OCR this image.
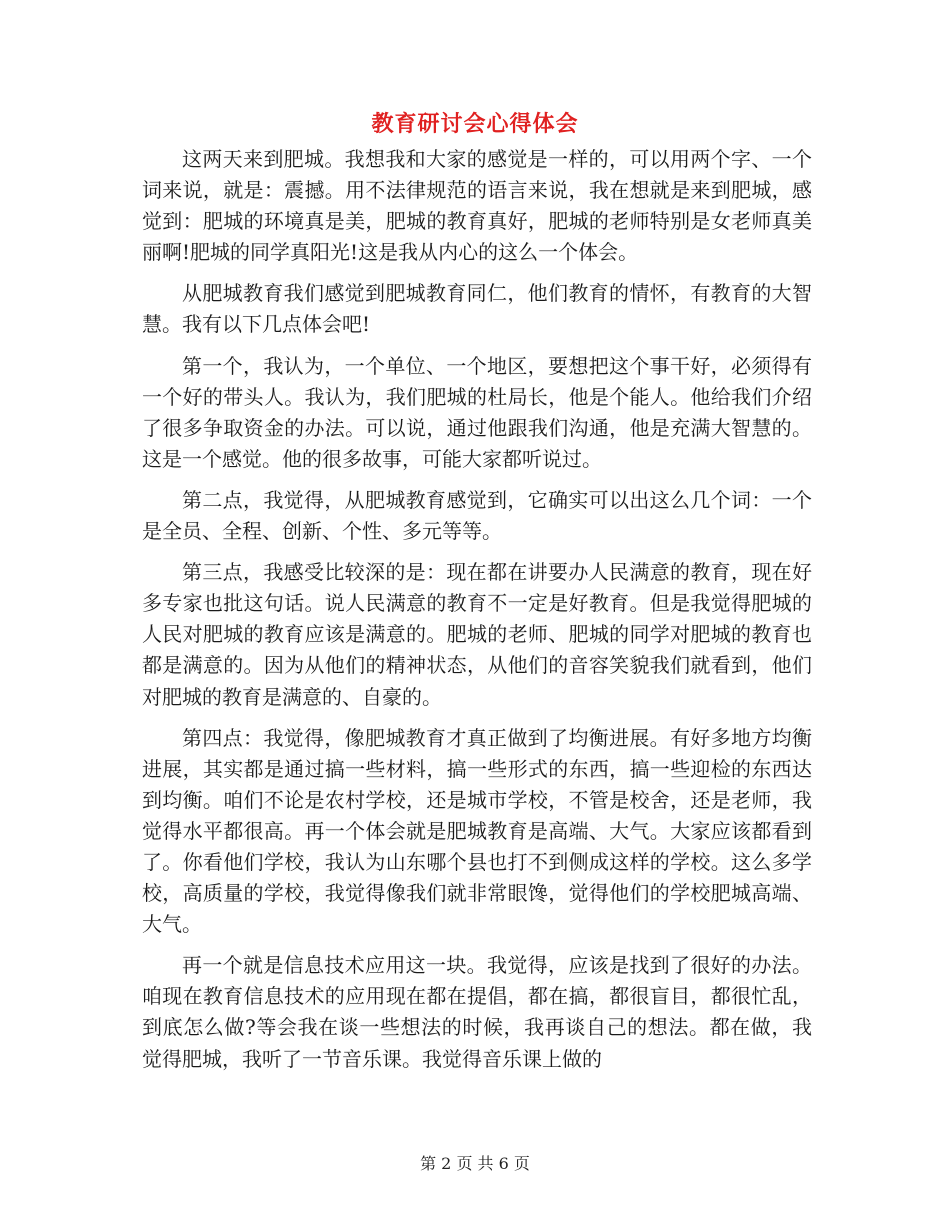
教育研讨会心得体会

这两天来到肥城。我想我和大家的感觉是一样的，可以用两个字、一个词来说，就是：震撼。用不法律规范的语言来说，我在想就是来到肥城，感觉到：肥城的环境真是美，肥城的教育真好，肥城的老师特别是女老师真美丽啊!肥城的同学真阳光!这是我从内心的这么一个体会。

从肥城教育我们感觉到肥城教育同仁，他们教育的情怀，有教育的大智慧。我有以下几点体会吧!

第一个，我认为，一个单位、一个地区，要想把这个事干好，必须得有一个好的带头人。我认为，我们肥城的杜局长，他是个能人。他给我们介绍了很多争取资金的办法。可以说，通过他跟我们沟通，他是充满大智慧的。这是一个感觉。他的很多故事，可能大家都听说过。

第二点，我觉得，从肥城教育感觉到，它确实可以出这么几个词：一个是全员、全程、创新、个性、多元等等。

第三点，我感受比较深的是：现在都在讲要办人民满意的教育，现在好多专家也批这句话。说人民满意的教育不一定是好教育。但是我觉得肥城的人民对肥城的教育应该是满意的。肥城的老师、肥城的同学对肥城的教育也都是满意的。因为从他们的精神状态，从他们的音容笑貌我们就看到，他们对肥城的教育是满意的、自豪的。

第四点：我觉得，像肥城教育才真正做到了均衡进展。有好多地方均衡进展，其实都是通过搞一些材料，搞一些形式的东西，搞一些迎检的东西达到均衡。咱们不论是农村学校，还是城市学校，不管是校舍，还是老师，我觉得水平都很高。再一个体会就是肥城教育是高端、大气。大家应该都看到了。你看他们学校，我认为山东哪个县也打不到侧成这样的学校。这么多学校，高质量的学校，我觉得像我们就非常眼馋，觉得他们的学校肥城高端、大气。

再一个就是信息技术应用这一块。我觉得，应该是找到了很好的办法。咱现在教育信息技术的应用现在都在提倡，都在搞，都很盲目，都很忙乱，到底怎么做?等会我在谈一些想法的时候，我再谈自己的想法。都在做，我觉得肥城，我听了一节音乐课。我觉得音乐课上做的

第 2 页 共 6 页
